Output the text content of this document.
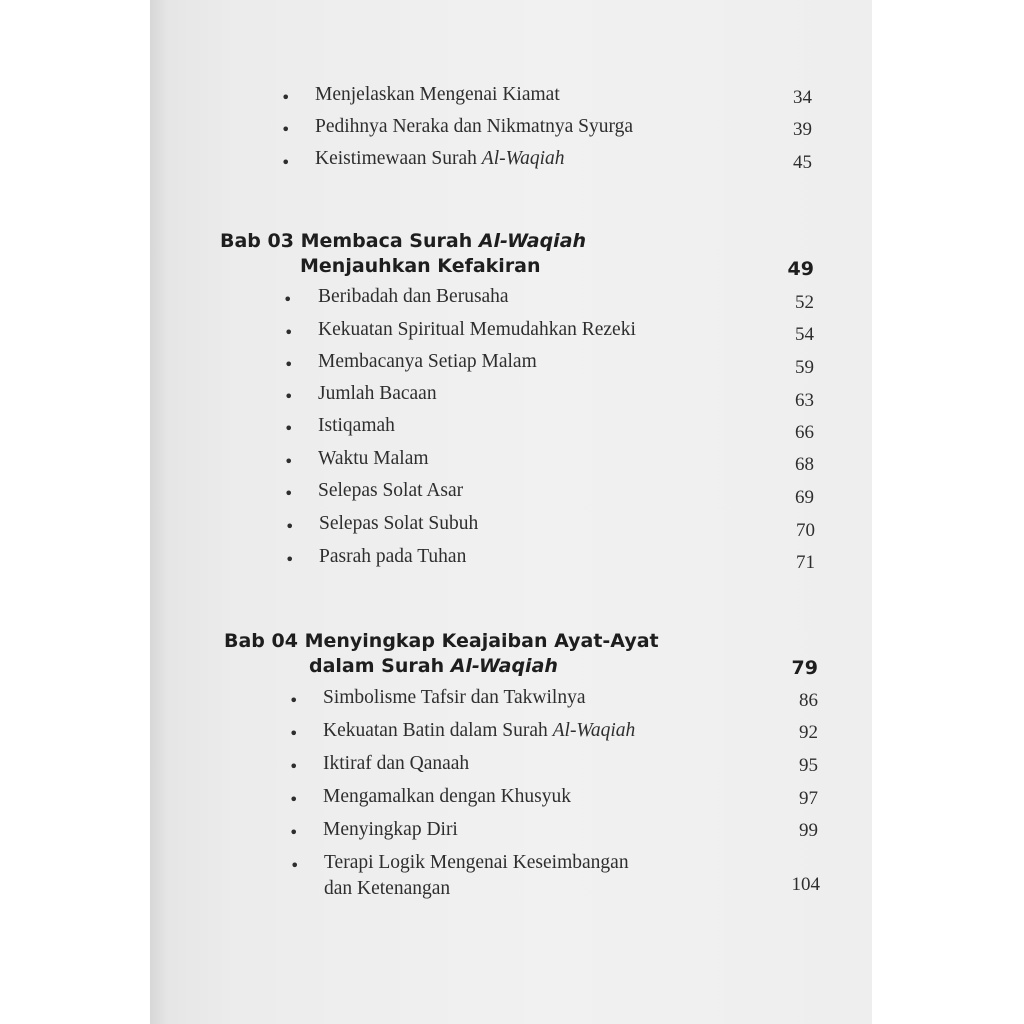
• Menjelaskan Mengenai Kiamat	34
• Pedihnya Neraka dan Nikmatnya Syurga	39
• Keistimewaan Surah Al-Waqiah	45
Bab 03 Membaca Surah Al-Waqiah
Menjauhkan Kefakiran	49
• Beribadah dan Berusaha	52
• Kekuatan Spiritual Memudahkan Rezeki	54
• Membacanya Setiap Malam	59
• Jumlah Bacaan	63
• Istiqamah	66
• Waktu Malam	68
• Selepas Solat Asar	69
• Selepas Solat Subuh	70
• Pasrah pada Tuhan	71
Bab 04 Menyingkap Keajaiban Ayat-Ayat
dalam Surah Al-Waqiah	79
• Simbolisme Tafsir dan Takwilnya	86
• Kekuatan Batin dalam Surah Al-Waqiah	92
• Iktiraf dan Qanaah	95
• Mengamalkan dengan Khusyuk	97
• Menyingkap Diri	99
• Terapi Logik Mengenai Keseimbangan
dan Ketenangan	104
